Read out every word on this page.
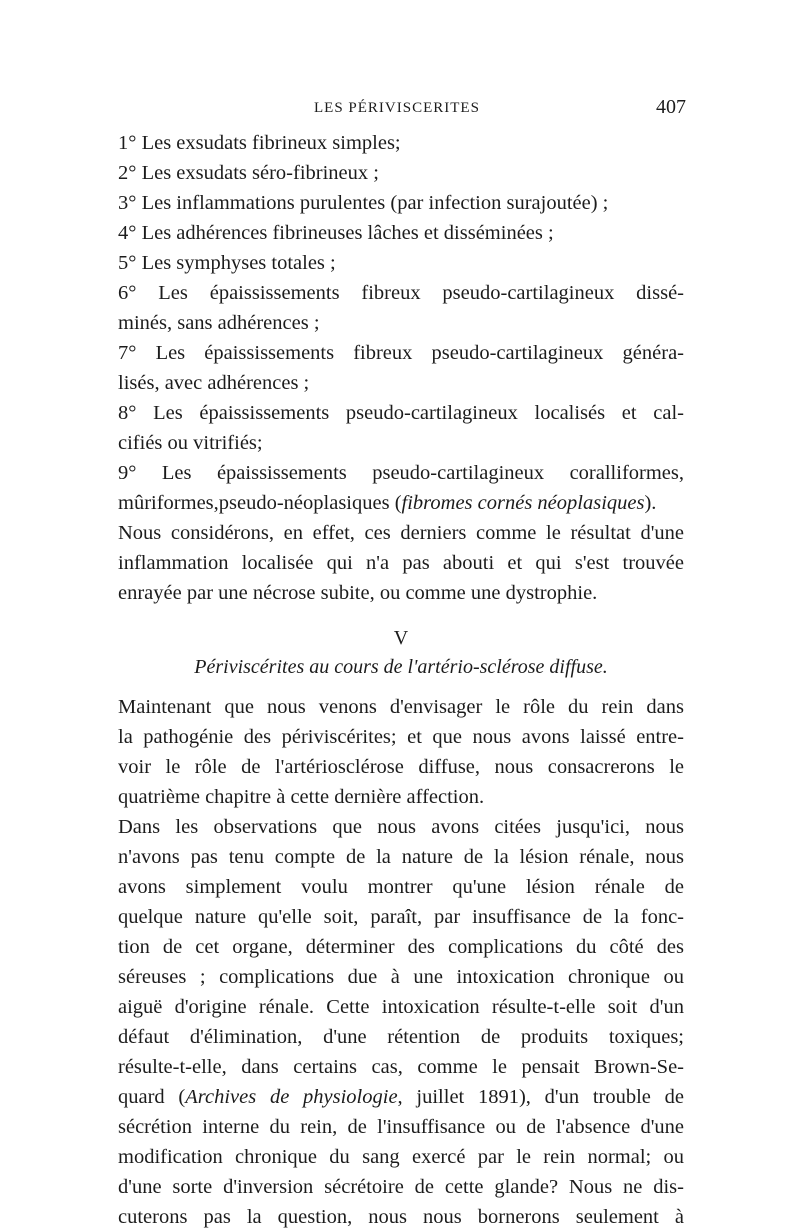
LES PÉRIVISCERITES	407
1° Les exsudats fibrineux simples;
2° Les exsudats séro-fibrineux ;
3° Les inflammations purulentes (par infection surajoutée) ;
4° Les adhérences fibrineuses lâches et disséminées ;
5° Les symphyses totales ;
6° Les épaississements fibreux pseudo-cartilagineux dissé-
minés, sans adhérences ;
7° Les épaississements fibreux pseudo-cartilagineux généra-
lisés, avec adhérences ;
8° Les épaississements pseudo-cartilagineux localisés et cal-
cifiés ou vitrifiés;
9° Les épaississements pseudo-cartilagineux coralliformes,
mûriformes,pseudo-néoplasiques (fibromes cornés néoplasiques).
Nous considérons, en effet, ces derniers comme le résultat d'une
inflammation localisée qui n'a pas abouti et qui s'est trouvée
enrayée par une nécrose subite, ou comme une dystrophie.
V
Périviscérites au cours de l'artério-sclérose diffuse.
Maintenant que nous venons d'envisager le rôle du rein dans
la pathogénie des périviscérites; et que nous avons laissé entre-
voir le rôle de l'artériosclérose diffuse, nous consacrerons le
quatrième chapitre à cette dernière affection.
Dans les observations que nous avons citées jusqu'ici, nous
n'avons pas tenu compte de la nature de la lésion rénale, nous
avons simplement voulu montrer qu'une lésion rénale de
quelque nature qu'elle soit, paraît, par insuffisance de la fonc-
tion de cet organe, déterminer des complications du côté des
séreuses ; complications due à une intoxication chronique ou
aiguë d'origine rénale. Cette intoxication résulte-t-elle soit d'un
défaut d'élimination, d'une rétention de produits toxiques;
résulte-t-elle, dans certains cas, comme le pensait Brown-Se-
quard (Archives de physiologie, juillet 1891), d'un trouble de
sécrétion interne du rein, de l'insuffisance ou de l'absence d'une
modification chronique du sang exercé par le rein normal; ou
d'une sorte d'inversion sécrétoire de cette glande? Nous ne dis-
cuterons pas la question, nous nous bornerons seulement à
